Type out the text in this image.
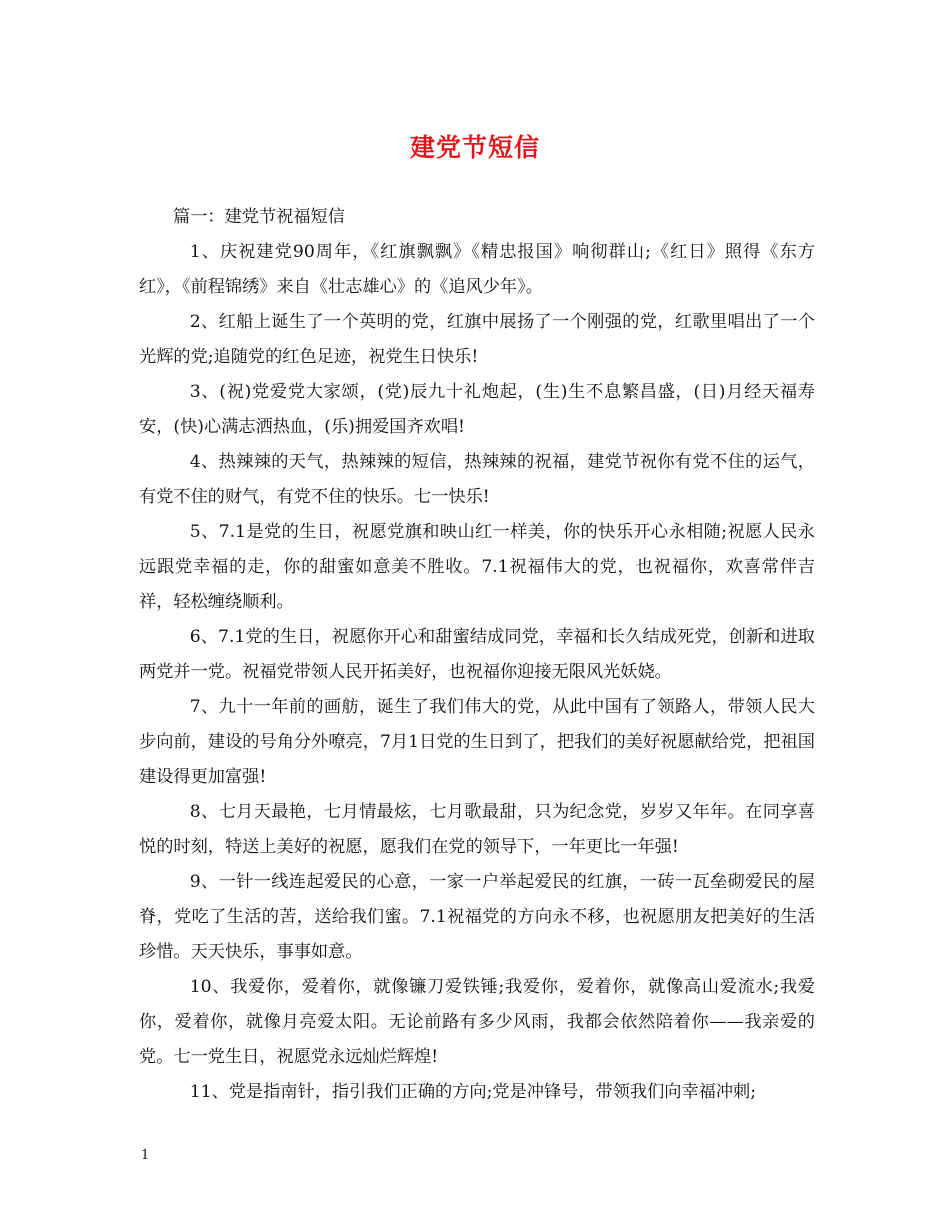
建党节短信

篇一：建党节祝福短信

1、庆祝建党90周年，《红旗飘飘》《精忠报国》响彻群山;《红日》照得《东方红》，《前程锦绣》来自《壮志雄心》的《追风少年》。

2、红船上诞生了一个英明的党，红旗中展扬了一个刚强的党，红歌里唱出了一个光辉的党;追随党的红色足迹，祝党生日快乐!

3、(祝)党爱党大家颂，(党)辰九十礼炮起，(生)生不息繁昌盛，(日)月经天福寿安，(快)心满志洒热血，(乐)拥爱国齐欢唱!

4、热辣辣的天气，热辣辣的短信，热辣辣的祝福，建党节祝你有党不住的运气，有党不住的财气，有党不住的快乐。七一快乐!

5、7.1是党的生日，祝愿党旗和映山红一样美，你的快乐开心永相随;祝愿人民永远跟党幸福的走，你的甜蜜如意美不胜收。7.1祝福伟大的党，也祝福你，欢喜常伴吉祥，轻松缠绕顺利。

6、7.1党的生日，祝愿你开心和甜蜜结成同党，幸福和长久结成死党，创新和进取两党并一党。祝福党带领人民开拓美好，也祝福你迎接无限风光妖娆。

7、九十一年前的画舫，诞生了我们伟大的党，从此中国有了领路人，带领人民大步向前，建设的号角分外嘹亮，7月1日党的生日到了，把我们的美好祝愿献给党，把祖国建设得更加富强!

8、七月天最艳，七月情最炫，七月歌最甜，只为纪念党，岁岁又年年。在同享喜悦的时刻，特送上美好的祝愿，愿我们在党的领导下，一年更比一年强!

9、一针一线连起爱民的心意，一家一户举起爱民的红旗，一砖一瓦垒砌爱民的屋脊，党吃了生活的苦，送给我们蜜。7.1祝福党的方向永不移，也祝愿朋友把美好的生活珍惜。天天快乐，事事如意。

10、我爱你，爱着你，就像镰刀爱铁锤;我爱你，爱着你，就像高山爱流水;我爱你，爱着你，就像月亮爱太阳。无论前路有多少风雨，我都会依然陪着你——我亲爱的党。七一党生日，祝愿党永远灿烂辉煌!

11、党是指南针，指引我们正确的方向;党是冲锋号，带领我们向幸福冲刺;

1
